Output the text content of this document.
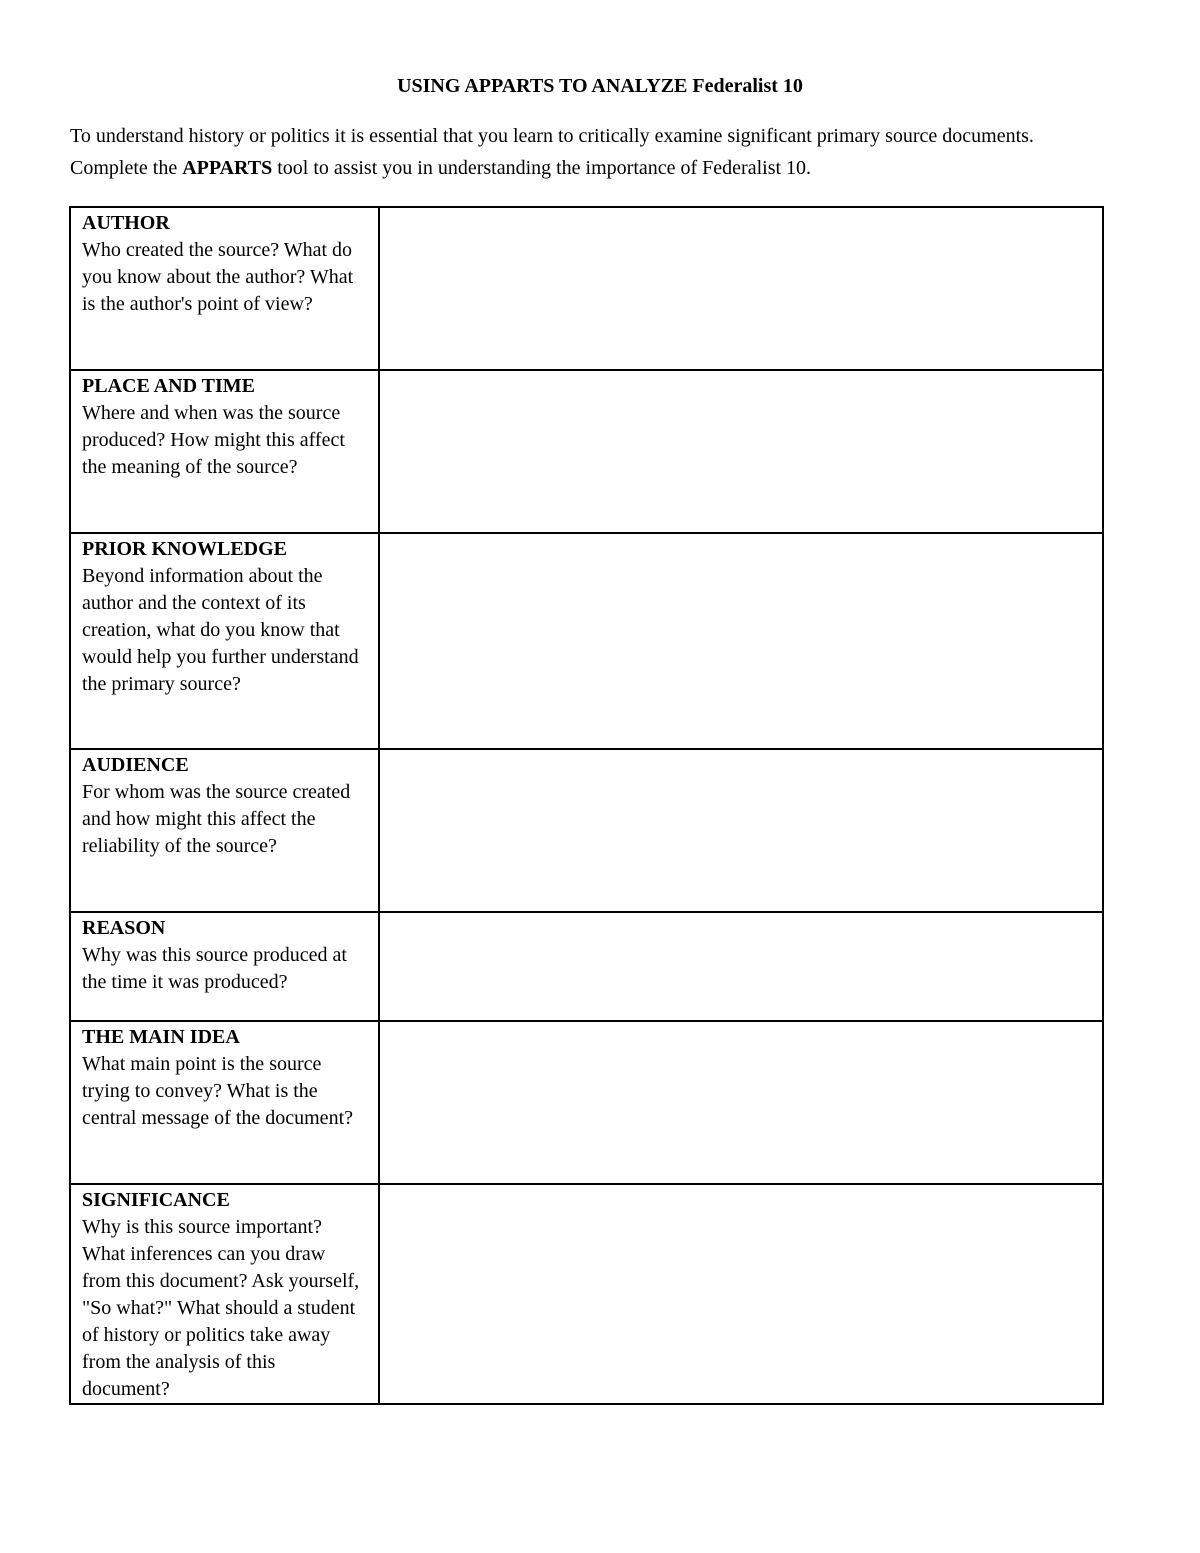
USING APPARTS TO ANALYZE Federalist 10

To understand history or politics it is essential that you learn to critically examine significant primary source documents. Complete the APPARTS tool to assist you in understanding the importance of Federalist 10.

AUTHOR
Who created the source? What do you know about the author? What is the author's point of view?	

PLACE AND TIME
Where and when was the source produced? How might this affect the meaning of the source?	

PRIOR KNOWLEDGE
Beyond information about the author and the context of its creation, what do you know that would help you further understand the primary source?	

AUDIENCE
For whom was the source created and how might this affect the reliability of the source?	

REASON
Why was this source produced at the time it was produced?	

THE MAIN IDEA
What main point is the source trying to convey? What is the central message of the document?	

SIGNIFICANCE
Why is this source important? What inferences can you draw from this document? Ask yourself, "So what?" What should a student of history or politics take away from the analysis of this document?	
